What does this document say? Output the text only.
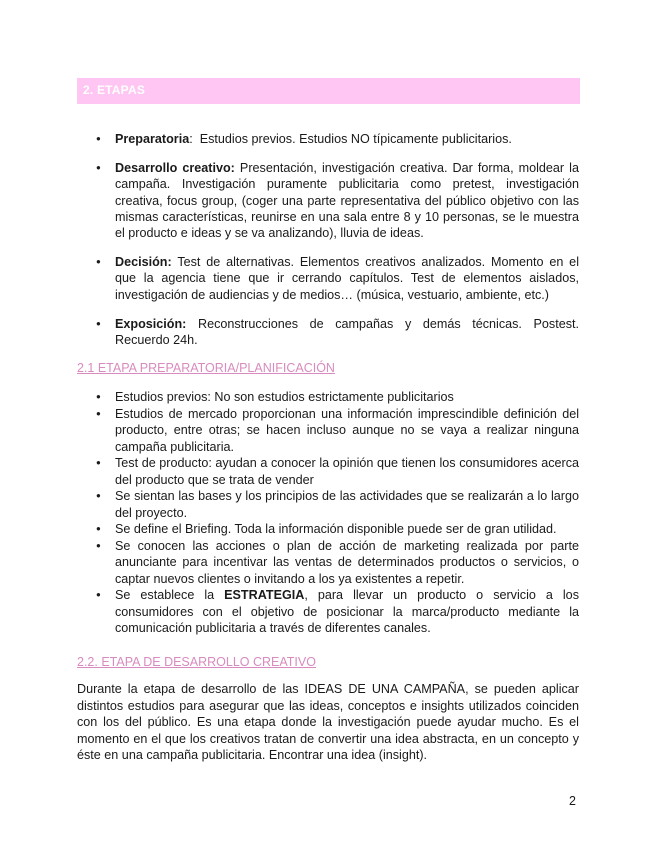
2. ETAPAS
● Preparatoria:  Estudios previos. Estudios NO típicamente publicitarios.
● Desarrollo creativo: Presentación, investigación creativa. Dar forma, moldear la campaña. Investigación puramente publicitaria como pretest, investigación creativa, focus group, (coger una parte representativa del público objetivo con las mismas características, reunirse en una sala entre 8 y 10 personas, se le muestra el producto e ideas y se va analizando), lluvia de ideas.
● Decisión: Test de alternativas. Elementos creativos analizados. Momento en el que la agencia tiene que ir cerrando capítulos. Test de elementos aislados, investigación de audiencias y de medios… (música, vestuario, ambiente, etc.)
● Exposición: Reconstrucciones de campañas y demás técnicas. Postest. Recuerdo 24h.
2.1 ETAPA PREPARATORIA/PLANIFICACIÓN
● Estudios previos: No son estudios estrictamente publicitarios
● Estudios de mercado proporcionan una información imprescindible definición del producto, entre otras; se hacen incluso aunque no se vaya a realizar ninguna campaña publicitaria.
● Test de producto: ayudan a conocer la opinión que tienen los consumidores acerca del producto que se trata de vender
● Se sientan las bases y los principios de las actividades que se realizarán a lo largo del proyecto.
● Se define el Briefing. Toda la información disponible puede ser de gran utilidad.
● Se conocen las acciones o plan de acción de marketing realizada por parte anunciante para incentivar las ventas de determinados productos o servicios, o captar nuevos clientes o invitando a los ya existentes a repetir.
● Se establece la ESTRATEGIA, para llevar un producto o servicio a los consumidores con el objetivo de posicionar la marca/producto mediante la comunicación publicitaria a través de diferentes canales.
2.2. ETAPA DE DESARROLLO CREATIVO
Durante la etapa de desarrollo de las IDEAS DE UNA CAMPAÑA, se pueden aplicar distintos estudios para asegurar que las ideas, conceptos e insights utilizados coinciden con los del público. Es una etapa donde la investigación puede ayudar mucho. Es el momento en el que los creativos tratan de convertir una idea abstracta, en un concepto y éste en una campaña publicitaria. Encontrar una idea (insight).
2
